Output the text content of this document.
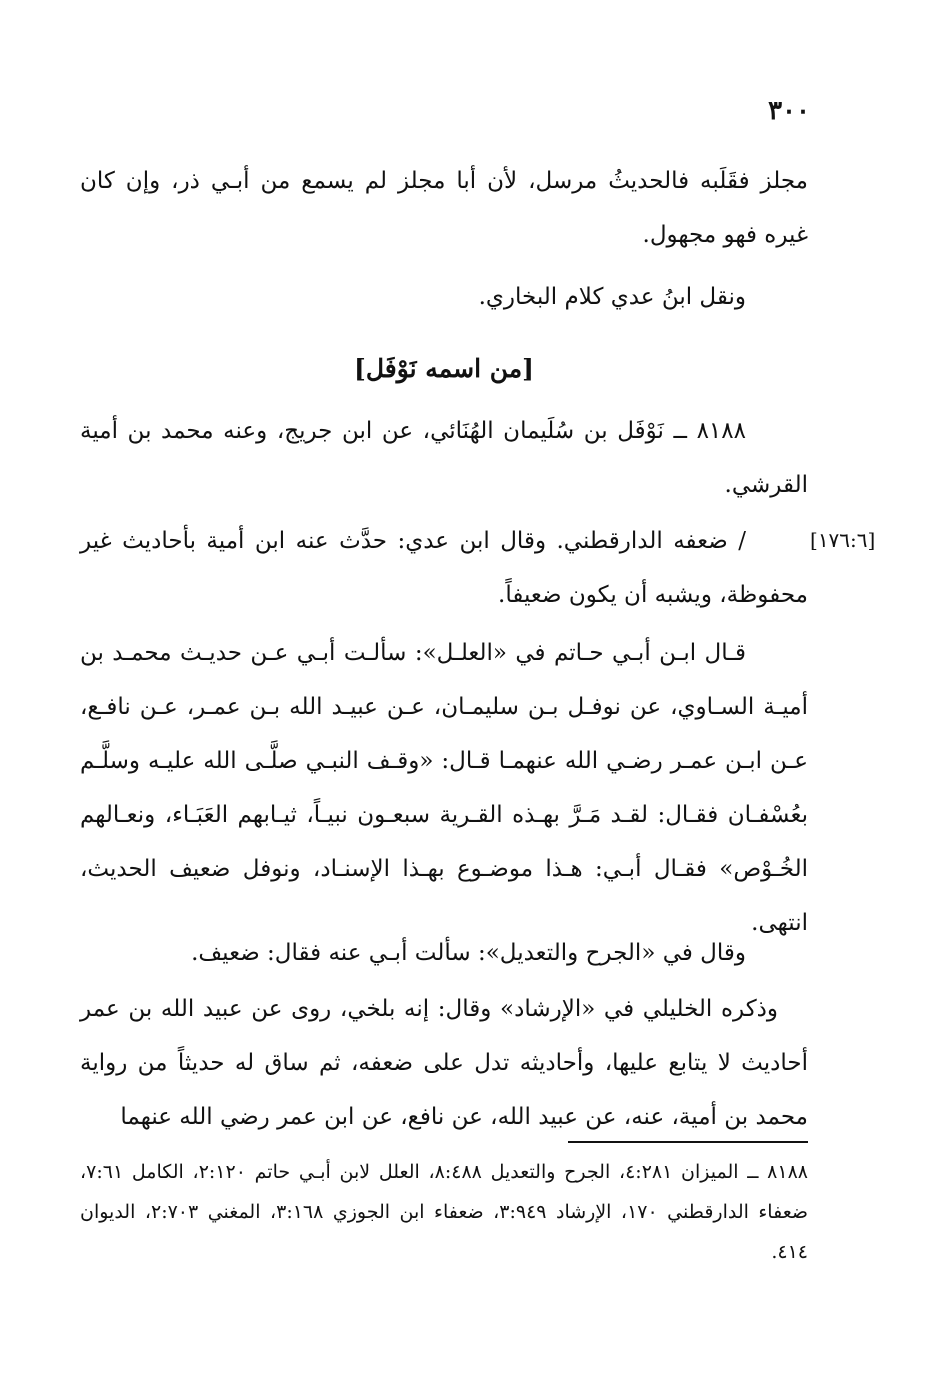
٣٠٠
مجلز فقَلَبه فالحديثُ مرسل، لأن أبا مجلز لم يسمع من أبـي ذر، وإن كان غيره فهو مجهول.
ونقل ابنُ عدي كلام البخاري.
[من اسمه نَوْفَل]
٨١٨٨ ــ نَوْفَل بن سُلَيمان الهُنَائي، عن ابن جريج، وعنه محمد بن أمية القرشي.
[١٧٦:٦]
/ ضعفه الدارقطني. وقال ابن عدي: حدَّث عنه ابن أمية بأحاديث غير محفوظة، ويشبه أن يكون ضعيفاً.
قـال ابـن أبـي حـاتم في «العلـل»: سألـت أبـي عـن حديـث محمـد بن أميـة السـاوي، عن نوفـل بـن سليمـان، عـن عبيـد الله بـن عمـر، عـن نافـع، عـن ابـن عمـر رضـي الله عنهمـا قـال: «وقـف النبـي صلَّـى الله عليـه وسلَّـم بعُسْفـان فقـال: لقـد مَـرَّ بهـذه القـرية سبعـون نبيـاً، ثيـابهم العَبَـاء، ونعـالهم الخُـوْص» فقـال أبـي: هـذا موضـوع بهـذا الإسنـاد، ونوفل ضعيف الحديث، انتهى.
وقال في «الجرح والتعديل»: سألت أبـي عنه فقال: ضعيف.
وذكره الخليلي في «الإرشاد» وقال: إنه بلخي، روى عن عبيد الله بن عمر أحاديث لا يتابع عليها، وأحاديثه تدل على ضعفه، ثم ساق له حديثاً من رواية محمد بن أمية، عنه، عن عبيد الله، عن نافع، عن ابن عمر رضي الله عنهما
٨١٨٨ ــ الميزان ٤:٢٨١، الجرح والتعديل ٨:٤٨٨، العلل لابن أبـي حاتم ٢:١٢٠، الكامل ٧:٦١، ضعفاء الدارقطني ١٧٠، الإرشاد ٣:٩٤٩، ضعفاء ابن الجوزي ٣:١٦٨، المغني ٢:٧٠٣، الديوان ٤١٤.
